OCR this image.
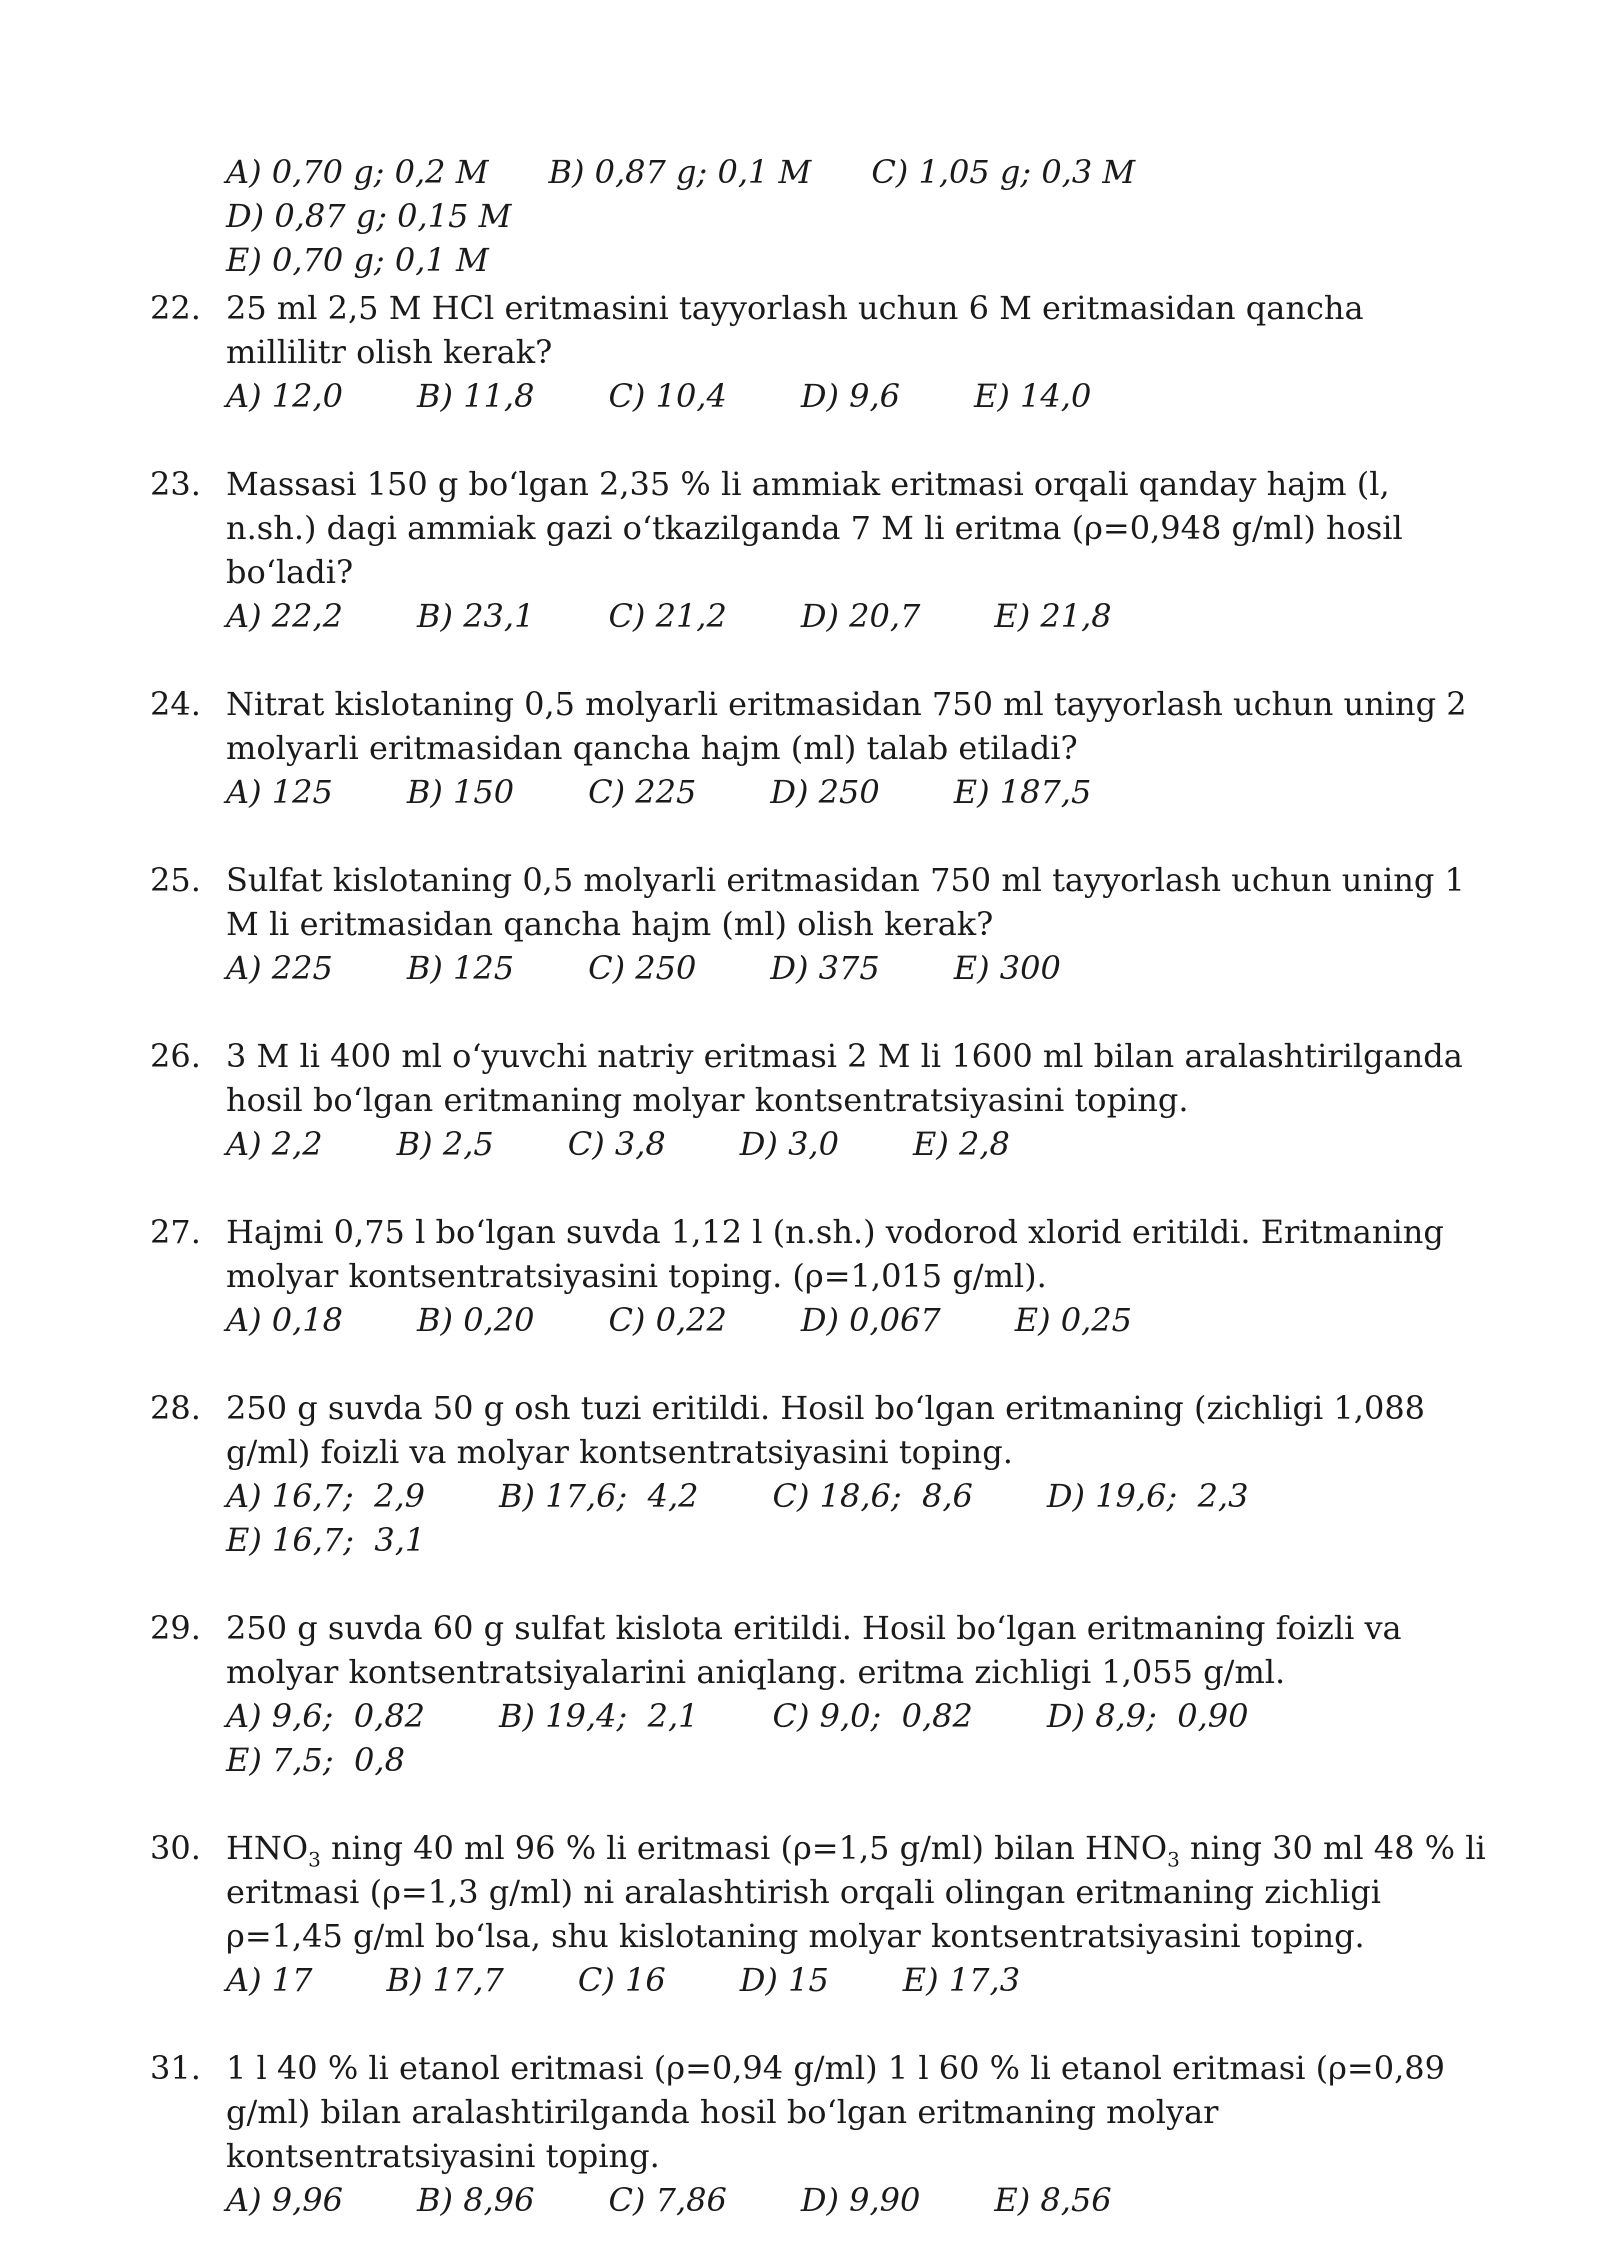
A) 0,70 g; 0,2 M B) 0,87 g; 0,1 M C) 1,05 g; 0,3 M
D) 0,87 g; 0,15 M
E) 0,70 g; 0,1 M
22. 25 ml 2,5 M HCl eritmasini tayyorlash uchun 6 M eritmasidan qancha millilitr olish kerak?
A) 12,0 B) 11,8 C) 10,4 D) 9,6 E) 14,0
23. Massasi 150 g bo‘lgan 2,35 % li ammiak eritmasi orqali qanday hajm (l, n.sh.) dagi ammiak gazi o‘tkazilganda 7 M li eritma (ρ=0,948 g/ml) hosil bo‘ladi?
A) 22,2 B) 23,1 C) 21,2 D) 20,7 E) 21,8
24. Nitrat kislotaning 0,5 molyarli eritmasidan 750 ml tayyorlash uchun uning 2 molyarli eritmasidan qancha hajm (ml) talab etiladi?
A) 125 B) 150 C) 225 D) 250 E) 187,5
25. Sulfat kislotaning 0,5 molyarli eritmasidan 750 ml tayyorlash uchun uning 1 M li eritmasidan qancha hajm (ml) olish kerak?
A) 225 B) 125 C) 250 D) 375 E) 300
26. 3 M li 400 ml o‘yuvchi natriy eritmasi 2 M li 1600 ml bilan aralashtirilganda hosil bo‘lgan eritmaning molyar kontsentratsiyasini toping.
A) 2,2 B) 2,5 C) 3,8 D) 3,0 E) 2,8
27. Hajmi 0,75 l bo‘lgan suvda 1,12 l (n.sh.) vodorod xlorid eritildi. Eritmaning molyar kontsentratsiyasini toping. (ρ=1,015 g/ml).
A) 0,18 B) 0,20 C) 0,22 D) 0,067 E) 0,25
28. 250 g suvda 50 g osh tuzi eritildi. Hosil bo‘lgan eritmaning (zichligi 1,088 g/ml) foizli va molyar kontsentratsiyasini toping.
A) 16,7;  2,9 B) 17,6;  4,2 C) 18,6;  8,6 D) 19,6;  2,3
E) 16,7;  3,1
29. 250 g suvda 60 g sulfat kislota eritildi. Hosil bo‘lgan eritmaning foizli va molyar kontsentratsiyalarini aniqlang. eritma zichligi 1,055 g/ml.
A) 9,6;  0,82 B) 19,4;  2,1 C) 9,0;  0,82 D) 8,9;  0,90
E) 7,5;  0,8
30. $HNO_3$ ning 40 ml 96 % li eritmasi (ρ=1,5 g/ml) bilan $HNO_3$ ning 30 ml 48 % li eritmasi (ρ=1,3 g/ml) ni aralashtirish orqali olingan eritmaning zichligi ρ=1,45 g/ml bo‘lsa, shu kislotaning molyar kontsentratsiyasini toping.
A) 17 B) 17,7 C) 16 D) 15 E) 17,3
31. 1 l 40 % li etanol eritmasi (ρ=0,94 g/ml) 1 l 60 % li etanol eritmasi (ρ=0,89 g/ml) bilan aralashtirilganda hosil bo‘lgan eritmaning molyar kontsentratsiyasini toping.
A) 9,96 B) 8,96 C) 7,86 D) 9,90 E) 8,56
